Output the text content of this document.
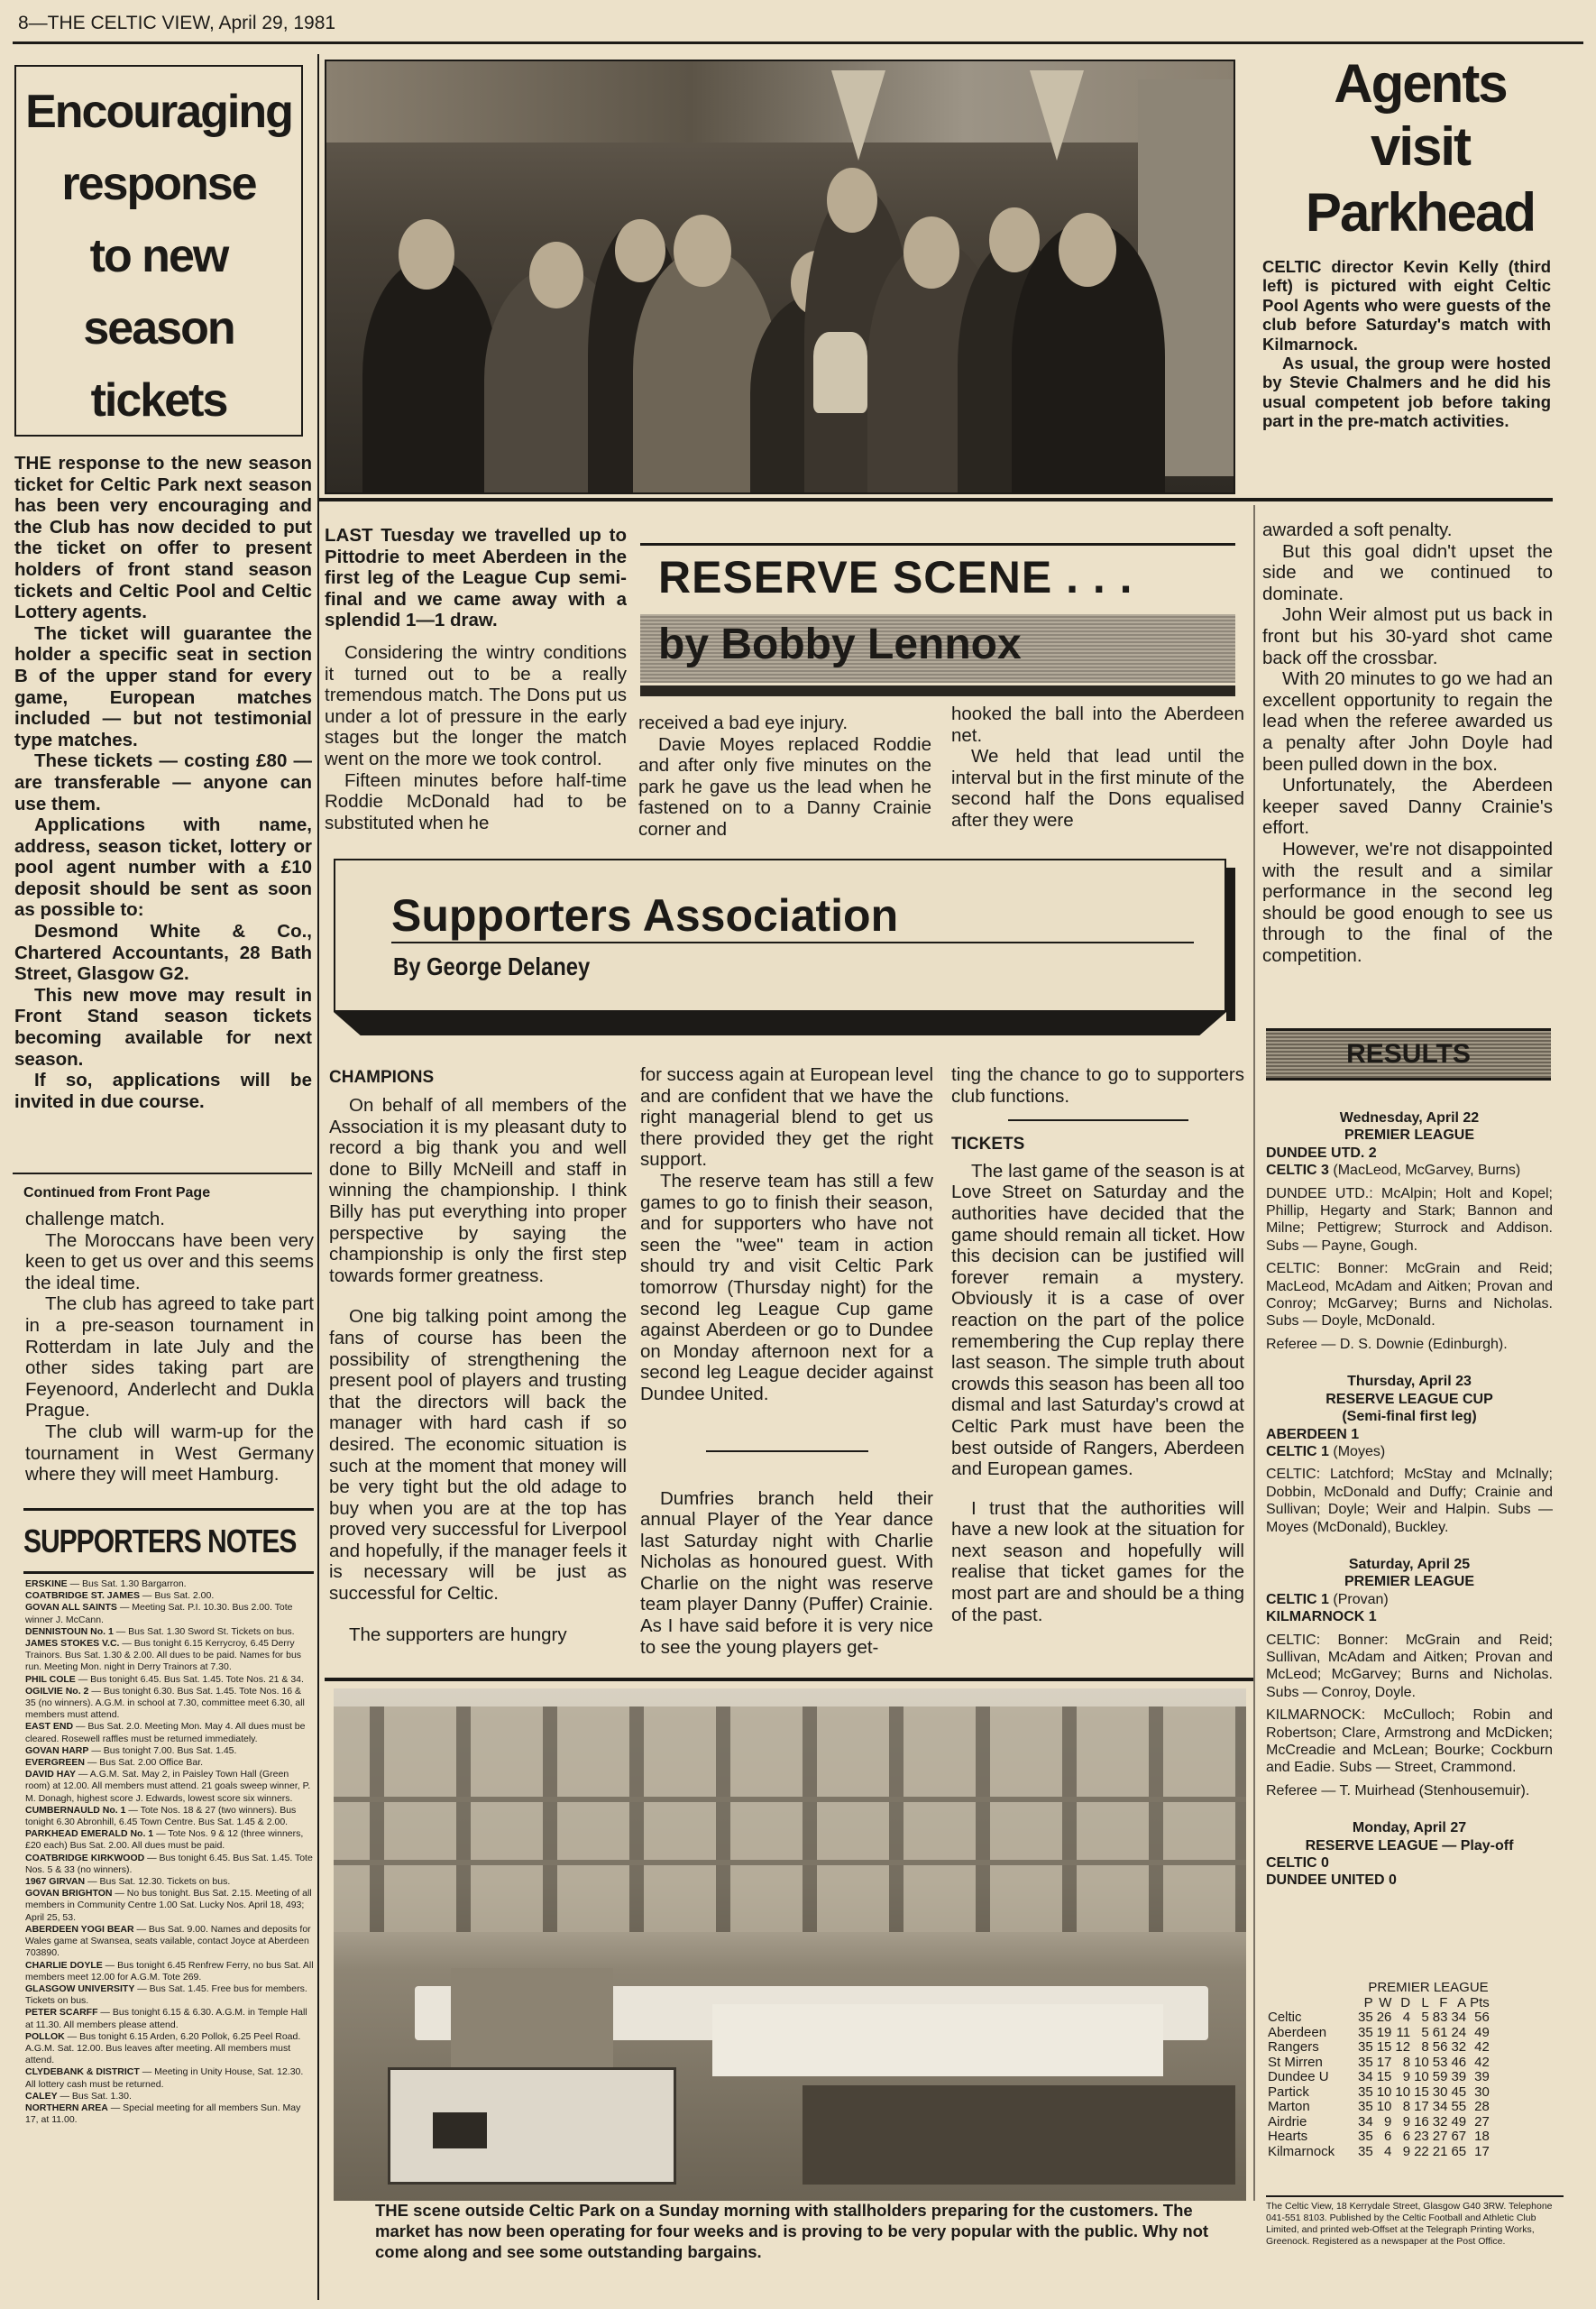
8—THE CELTIC VIEW, April 29, 1981
Encouraging
response
to new
season
tickets

THE response to the new season ticket for Celtic Park next season has been very encouraging and the Club has now decided to put the ticket on offer to present holders of front stand season tickets and Celtic Pool and Celtic Lottery agents.

The ticket will guarantee the holder a specific seat in section B of the upper stand for every game, European matches included — but not testimonial type matches.

These tickets — costing £80 — are transferable — anyone can use them.

Applications with name, address, season ticket, lottery or pool agent number with a £10 deposit should be sent as soon as possible to:

Desmond White & Co., Chartered Accountants, 28 Bath Street, Glasgow G2.

This new move may result in Front Stand season tickets becoming available for next season.

If so, applications will be invited in due course.

Continued from Front Page

challenge match.

The Moroccans have been very keen to get us over and this seems the ideal time.

The club has agreed to take part in a pre-season tournament in Rotterdam in late July and the other sides taking part are Feyenoord, Anderlecht and Dukla Prague.

The club will warm-up for the tournament in West Germany where they will meet Hamburg.

SUPPORTERS NOTES
ERSKINE — Bus Sat. 1.30 Bargarron.
COATBRIDGE ST. JAMES — Bus Sat. 2.00.
GOVAN ALL SAINTS — Meeting Sat. P.I. 10.30. Bus 2.00. Tote winner J. McCann.
DENNISTOUN No. 1 — Bus Sat. 1.30 Sword St. Tickets on bus.
JAMES STOKES V.C. — Bus tonight 6.15 Kerrycroy, 6.45 Derry Trainors. Bus Sat. 1.30 & 2.00. All dues to be paid. Names for bus run. Meeting Mon. night in Derry Trainors at 7.30.
PHIL COLE — Bus tonight 6.45. Bus Sat. 1.45. Tote Nos. 21 & 34.
OGILVIE No. 2 — Bus tonight 6.30. Bus Sat. 1.45. Tote Nos. 16 & 35 (no winners). A.G.M. in school at 7.30, committee meet 6.30, all members must attend.
EAST END — Bus Sat. 2.0. Meeting Mon. May 4. All dues must be cleared. Rosewell raffles must be returned immediately.
GOVAN HARP — Bus tonight 7.00. Bus Sat. 1.45.
EVERGREEN — Bus Sat. 2.00 Office Bar.
DAVID HAY — A.G.M. Sat. May 2, in Paisley Town Hall (Green room) at 12.00. All members must attend. 21 goals sweep winner, P. M. Donagh, highest score J. Edwards, lowest score six winners.
CUMBERNAULD No. 1 — Tote Nos. 18 & 27 (two winners). Bus tonight 6.30 Abronhill, 6.45 Town Centre. Bus Sat. 1.45 & 2.00.
PARKHEAD EMERALD No. 1 — Tote Nos. 9 & 12 (three winners, £20 each) Bus Sat. 2.00. All dues must be paid.
COATBRIDGE KIRKWOOD — Bus tonight 6.45. Bus Sat. 1.45. Tote Nos. 5 & 33 (no winners).
1967 GIRVAN — Bus Sat. 12.30. Tickets on bus.
GOVAN BRIGHTON — No bus tonight. Bus Sat. 2.15. Meeting of all members in Community Centre 1.00 Sat. Lucky Nos. April 18, 493; April 25, 53.
ABERDEEN YOGI BEAR — Bus Sat. 9.00. Names and deposits for Wales game at Swansea, seats vailable, contact Joyce at Aberdeen 703890.
CHARLIE DOYLE — Bus tonight 6.45 Renfrew Ferry, no bus Sat. All members meet 12.00 for A.G.M. Tote 269.
GLASGOW UNIVERSITY — Bus Sat. 1.45. Free bus for members. Tickets on bus.
PETER SCARFF — Bus tonight 6.15 & 6.30. A.G.M. in Temple Hall at 11.30. All members please attend.
POLLOK — Bus tonight 6.15 Arden, 6.20 Pollok, 6.25 Peel Road. A.G.M. Sat. 12.00. Bus leaves after meeting. All members must attend.
CLYDEBANK & DISTRICT — Meeting in Unity House, Sat. 12.30. All lottery cash must be returned.
CALEY — Bus Sat. 1.30.
NORTHERN AREA — Special meeting for all members Sun. May 17, at 11.00.
Agents
visit
Parkhead

CELTIC director Kevin Kelly (third left) is pictured with eight Celtic Pool Agents who were guests of the club before Saturday's match with Kilmarnock.

As usual, the group were hosted by Stevie Chalmers and he did his usual competent job before taking part in the pre-match activities.

LAST Tuesday we travelled up to Pittodrie to meet Aberdeen in the first leg of the League Cup semi-final and we came away with a splendid 1—1 draw.

Considering the wintry conditions it turned out to be a really tremendous match. The Dons put us under a lot of pressure in the early stages but the longer the match went on the more we took control.

Fifteen minutes before half-time Roddie McDonald had to be substituted when he

RESERVE SCENE . . .
by Bobby Lennox

received a bad eye injury.

Davie Moyes replaced Roddie and after only five minutes on the park he gave us the lead when he fastened on to a Danny Crainie corner and

hooked the ball into the Aberdeen net.

We held that lead until the interval but in the first minute of the second half the Dons equalised after they were

awarded a soft penalty.

But this goal didn't upset the side and we continued to dominate.

John Weir almost put us back in front but his 30-yard shot came back off the crossbar.

With 20 minutes to go we had an excellent opportunity to regain the lead when the referee awarded us a penalty after John Doyle had been pulled down in the box.

Unfortunately, the Aberdeen keeper saved Danny Crainie's effort.

However, we're not disappointed with the result and a similar performance in the second leg should be good enough to see us through to the final of the competition.

Supporters Association
By George Delaney
CHAMPIONS

On behalf of all members of the Association it is my pleasant duty to record a big thank you and well done to Billy McNeill and staff in winning the championship. I think Billy has put everything into proper perspective by saying the championship is only the first step towards former greatness.

One big talking point among the fans of course has been the possibility of strengthening the present pool of players and trusting that the directors will back the manager with hard cash if so desired. The economic situation is such at the moment that money will be very tight but the old adage to buy when you are at the top has proved very successful for Liverpool and hopefully, if the manager feels it is necessary will be just as successful for Celtic.

The supporters are hungry

for success again at European level and are confident that we have the right managerial blend to get us there provided they get the right support.

The reserve team has still a few games to go to finish their season, and for supporters who have not seen the "wee" team in action should try and visit Celtic Park tomorrow (Thursday night) for the second leg League Cup game against Aberdeen or go to Dundee on Monday afternoon next for a second leg League decider against Dundee United.

Dumfries branch held their annual Player of the Year dance last Saturday night with Charlie Nicholas as honoured guest. With Charlie on the night was reserve team player Danny (Puffer) Crainie. As I have said before it is very nice to see the young players get-

ting the chance to go to supporters club functions.

TICKETS

The last game of the season is at Love Street on Saturday and the authorities have decided that the game should remain all ticket. How this decision can be justified will forever remain a mystery. Obviously it is a case of over reaction on the part of the police remembering the Cup replay there last season. The simple truth about crowds this season has been all too dismal and last Saturday's crowd at Celtic Park must have been the best outside of Rangers, Aberdeen and European games.

I trust that the authorities will have a new look at the situation for next season and hopefully will realise that ticket games for the most part are and should be a thing of the past.

THE scene outside Celtic Park on a Sunday morning with stallholders preparing for the customers. The market has now been operating for four weeks and is proving to be very popular with the public. Why not come along and see some outstanding bargains.
RESULTS
Wednesday, April 22
PREMIER LEAGUE
DUNDEE UTD. 2
CELTIC 3 (MacLeod, McGarvey, Burns)
DUNDEE UTD.: McAlpin; Holt and Kopel; Phillip, Hegarty and Stark; Bannon and Milne; Pettigrew; Sturrock and Addison. Subs — Payne, Gough.
CELTIC: Bonner: McGrain and Reid; MacLeod, McAdam and Aitken; Provan and Conroy; McGarvey; Burns and Nicholas. Subs — Doyle, McDonald.
Referee — D. S. Downie (Edinburgh).
Thursday, April 23
RESERVE LEAGUE CUP
(Semi-final first leg)
ABERDEEN 1
CELTIC 1 (Moyes)
CELTIC: Latchford; McStay and McInally; Dobbin, McDonald and Duffy; Crainie and Sullivan; Doyle; Weir and Halpin. Subs — Moyes (McDonald), Buckley.
Saturday, April 25
PREMIER LEAGUE
CELTIC 1 (Provan)
KILMARNOCK 1
CELTIC: Bonner: McGrain and Reid; Sullivan, McAdam and Aitken; Provan and McLeod; McGarvey; Burns and Nicholas. Subs — Conroy, Doyle.
KILMARNOCK: McCulloch; Robin and Robertson; Clare, Armstrong and McDicken; McCreadie and McLean; Bourke; Cockburn and Eadie. Subs — Street, Crammond.
Referee — T. Muirhead (Stenhousemuir).
Monday, April 27
RESERVE LEAGUE — Play-off
CELTIC 0
DUNDEE UNITED 0
PREMIER LEAGUE
	P	W	D	L	F	A	Pts
Celtic	35	26	4	5	83	34	56
Aberdeen	35	19	11	5	61	24	49
Rangers	35	15	12	8	56	32	42
St Mirren	35	17	8	10	53	46	42
Dundee U	34	15	9	10	59	39	39
Partick	35	10	10	15	30	45	30
Marton	35	10	8	17	34	55	28
Airdrie	34	9	9	16	32	49	27
Hearts	35	6	6	23	27	67	18
Kilmarnock	35	4	9	22	21	65	17
The Celtic View, 18 Kerrydale Street, Glasgow G40 3RW. Telephone 041-551 8103. Published by the Celtic Football and Athletic Club Limited, and printed web-Offset at the Telegraph Printing Works, Greenock. Registered as a newspaper at the Post Office.
